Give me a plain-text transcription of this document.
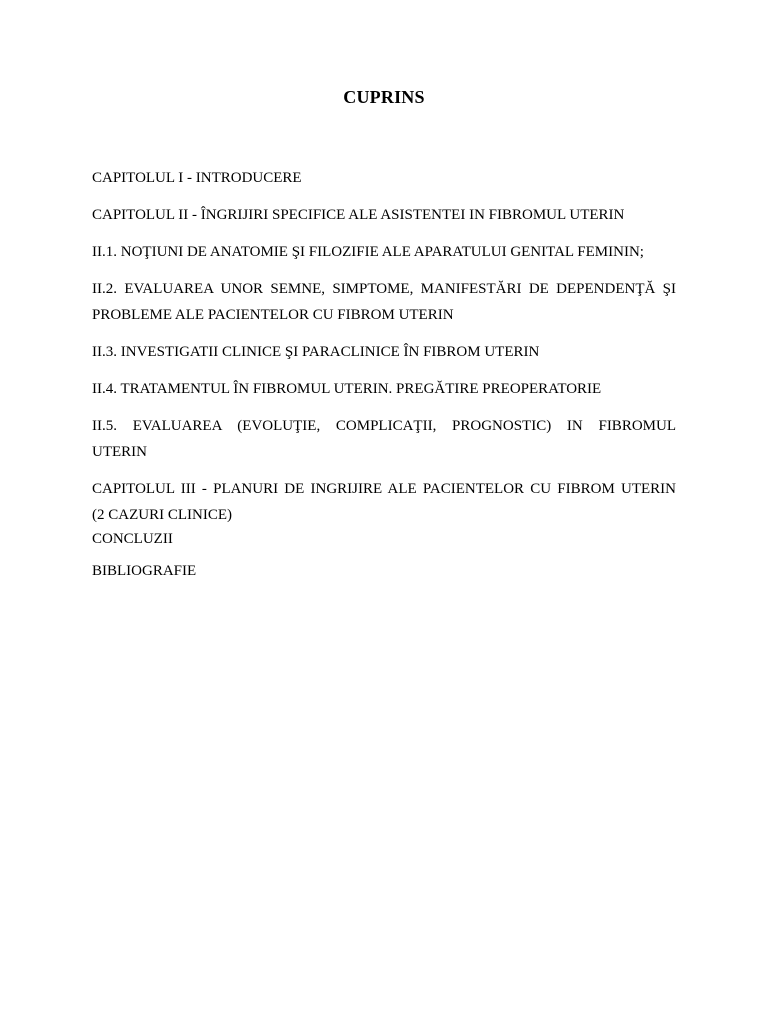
CUPRINS
CAPITOLUL I - INTRODUCERE
CAPITOLUL II - ÎNGRIJIRI SPECIFICE ALE ASISTENTEI IN FIBROMUL UTERIN
II.1. NOŢIUNI DE ANATOMIE ŞI FILOZIFIE ALE APARATULUI GENITAL FEMININ;
II.2. EVALUAREA UNOR SEMNE, SIMPTOME, MANIFESTĂRI DE DEPENDENŢĂ ŞI
PROBLEME ALE PACIENTELOR CU FIBROM UTERIN
II.3. INVESTIGATII CLINICE ŞI PARACLINICE ÎN FIBROM UTERIN
II.4. TRATAMENTUL ÎN FIBROMUL UTERIN. PREGĂTIRE PREOPERATORIE
II.5. EVALUAREA (EVOLUŢIE, COMPLICAŢII, PROGNOSTIC) IN FIBROMUL
UTERIN
CAPITOLUL III - PLANURI DE INGRIJIRE ALE PACIENTELOR CU FIBROM UTERIN
(2 CAZURI CLINICE)
CONCLUZII
BIBLIOGRAFIE
